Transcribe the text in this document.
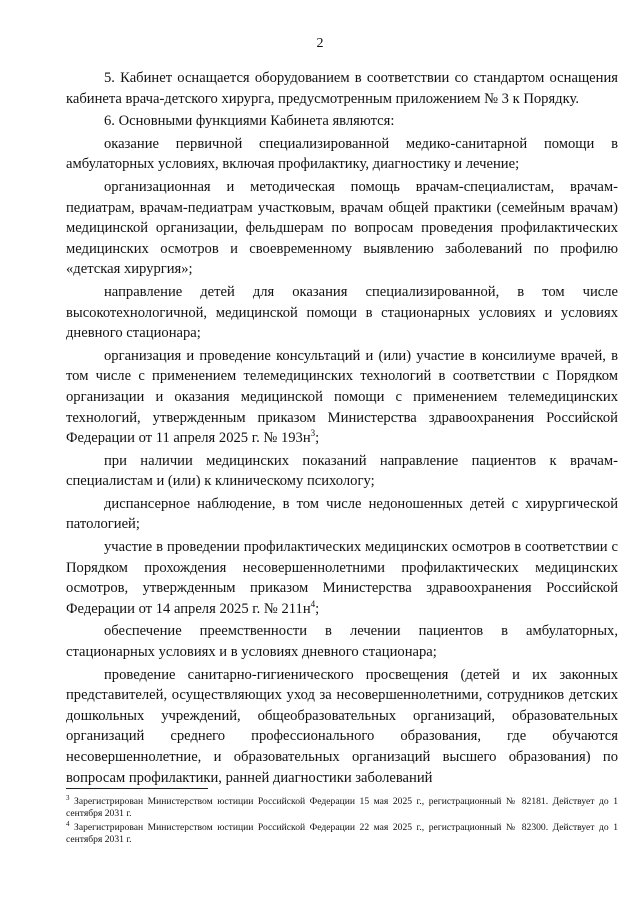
2

5. Кабинет оснащается оборудованием в соответствии со стандартом оснащения кабинета врача-детского хирурга, предусмотренным приложением № 3 к Порядку.

6. Основными функциями Кабинета являются:

оказание первичной специализированной медико-санитарной помощи в амбулаторных условиях, включая профилактику, диагностику и лечение;

организационная и методическая помощь врачам-специалистам, врачам-педиатрам, врачам-педиатрам участковым, врачам общей практики (семейным врачам) медицинской организации, фельдшерам по вопросам проведения профилактических медицинских осмотров и своевременному выявлению заболеваний по профилю «детская хирургия»;

направление детей для оказания специализированной, в том числе высокотехнологичной, медицинской помощи в стационарных условиях и условиях дневного стационара;

организация и проведение консультаций и (или) участие в консилиуме врачей, в том числе с применением телемедицинских технологий в соответствии с Порядком организации и оказания медицинской помощи с применением телемедицинских технологий, утвержденным приказом Министерства здравоохранения Российской Федерации от 11 апреля 2025 г. № $193н^3$;

при наличии медицинских показаний направление пациентов к врачам-специалистам и (или) к клиническому психологу;

диспансерное наблюдение, в том числе недоношенных детей с хирургической патологией;

участие в проведении профилактических медицинских осмотров в соответствии с Порядком прохождения несовершеннолетними профилактических медицинских осмотров, утвержденным приказом Министерства здравоохранения Российской Федерации от 14 апреля 2025 г. № $211н^4$;

обеспечение преемственности в лечении пациентов в амбулаторных, стационарных условиях и в условиях дневного стационара;

проведение санитарно-гигиенического просвещения (детей и их законных представителей, осуществляющих уход за несовершеннолетними, сотрудников детских дошкольных учреждений, общеобразовательных организаций, образовательных организаций среднего профессионального образования, где обучаются несовершеннолетние, и образовательных организаций высшего образования) по вопросам профилактики, ранней диагностики заболеваний

$^3$ Зарегистрирован Министерством юстиции Российской Федерации 15 мая 2025 г., регистрационный № 82181. Действует до 1 сентября 2031 г.

$^4$ Зарегистрирован Министерством юстиции Российской Федерации 22 мая 2025 г., регистрационный № 82300. Действует до 1 сентября 2031 г.
